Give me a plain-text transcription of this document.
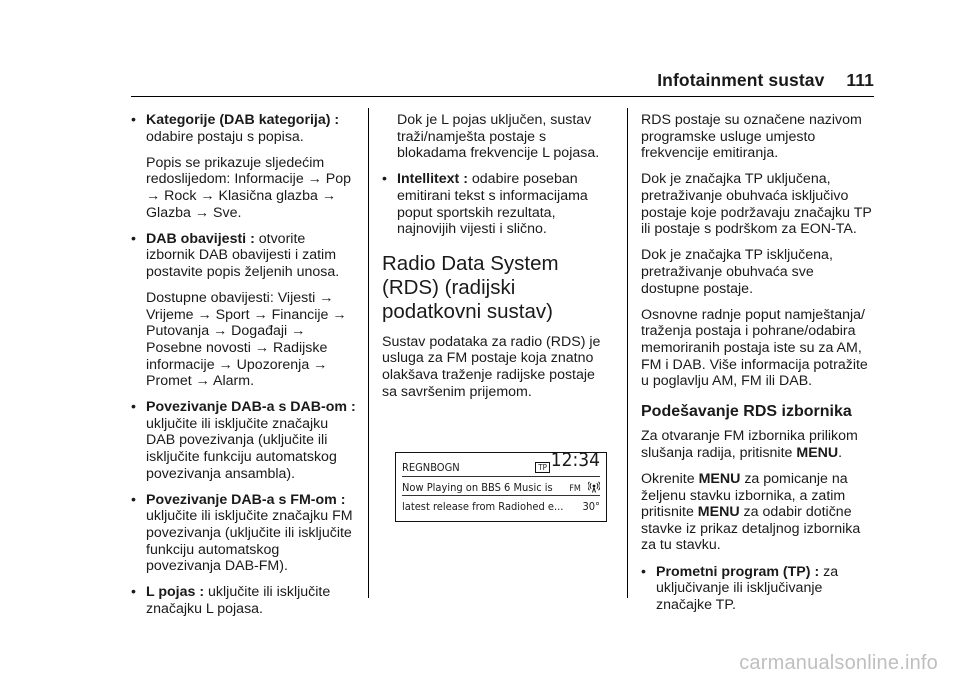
Infotainment sustav 111
• Kategorije (DAB kategorija) : odabire postaju s popisa.

Popis se prikazuje sljedećim redoslijedom: Informacije → Pop → Rock → Klasična glazba → Glazba → Sve.

• DAB obavijesti : otvorite izbornik DAB obavijesti i zatim postavite popis željenih unosa.

Dostupne obavijesti: Vijesti → Vrijeme → Sport → Financije → Putovanja → Događaji → Posebne novosti → Radijske informacije → Upozorenja → Promet → Alarm.

• Povezivanje DAB-a s DAB-om : uključite ili isključite značajku DAB povezivanja (uključite ili isključite funkciju automatskog povezivanja ansambla).
• Povezivanje DAB-a s FM-om : uključite ili isključite značajku FM povezivanja (uključite ili isključite funkciju automatskog povezivanja DAB-FM).
• L pojas : uključite ili isključite značajku L pojasa.

Dok je L pojas uključen, sustav traži/namješta postaje s blokadama frekvencije L pojasa.

• Intellitext : odabire poseban emitirani tekst s informacijama poput sportskih rezultata, najnovijih vijesti i slično.
Radio Data System (RDS) (radijski podatkovni sustav)

Sustav podataka za radio (RDS) je usluga za FM postaje koja znatno olakšava traženje radijske postaje sa savršenim prijemom.

REGNBOGN	TP 12:34
Now Playing on BBS 6 Music is FM
latest release from Radiohed e... 30°

RDS postaje su označene nazivom programske usluge umjesto frekvencije emitiranja.

Dok je značajka TP uključena, pretraživanje obuhvaća isključivo postaje koje podržavaju značajku TP ili postaje s podrškom za EON-TA.

Dok je značajka TP isključena, pretraživanje obuhvaća sve dostupne postaje.

Osnovne radnje poput namještanja/ traženja postaja i pohrane/odabira memoriranih postaja iste su za AM, FM i DAB. Više informacija potražite u poglavlju AM, FM ili DAB.

Podešavanje RDS izbornika

Za otvaranje FM izbornika prilikom slušanja radija, pritisnite MENU.

Okrenite MENU za pomicanje na željenu stavku izbornika, a zatim pritisnite MENU za odabir dotične stavke iz prikaz detaljnog izbornika za tu stavku.

• Prometni program (TP) : za uključivanje ili isključivanje značajke TP.
carmanualsonline.info
